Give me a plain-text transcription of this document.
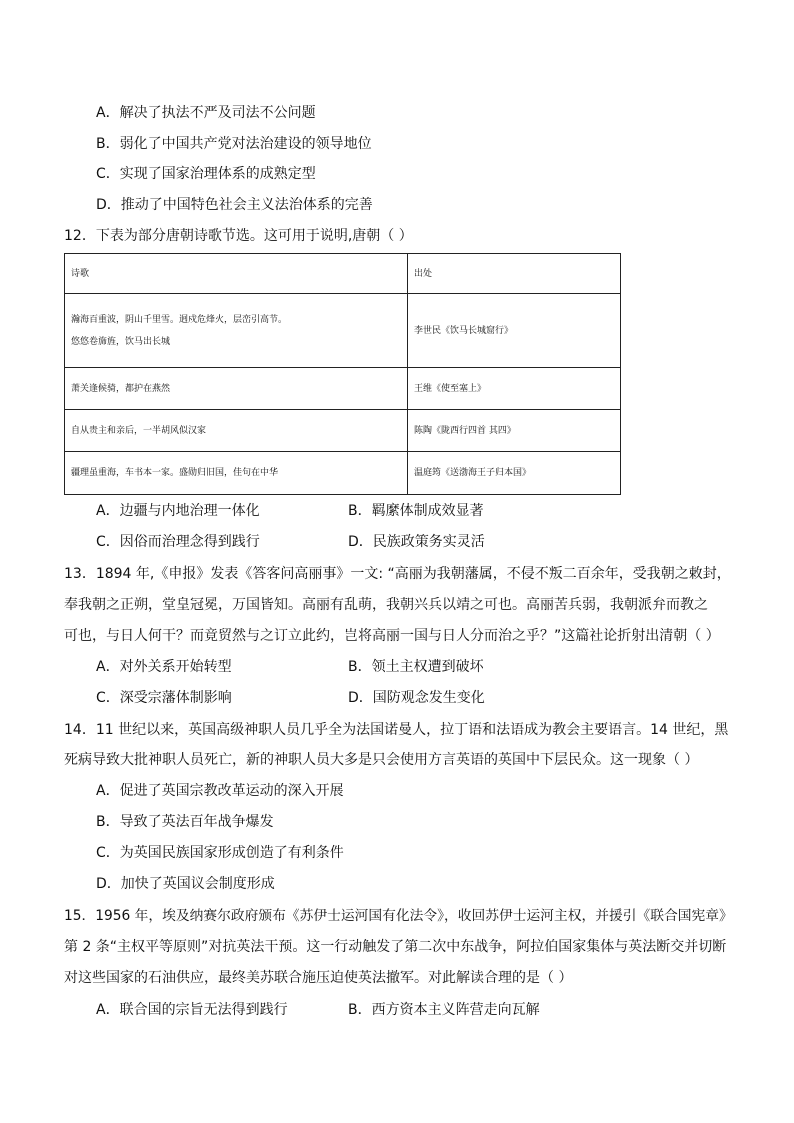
A．解决了执法不严及司法不公问题
B．弱化了中国共产党对法治建设的领导地位
C．实现了国家治理体系的成熟定型
D．推动了中国特色社会主义法治体系的完善
12．下表为部分唐朝诗歌节选。这可用于说明,唐朝（ ）
诗歌	出处

瀚海百重波，阴山千里雪。迥戍危烽火，层峦引高节。
悠悠卷旆旌，饮马出长城	李世民《饮马长城窟行》
萧关逢候骑，都护在燕然	王维《使至塞上》
自从贵主和亲后，一半胡风似汉家	陈陶《陇西行四首 其四》
疆理虽重海，车书本一家。盛勋归旧国，佳句在中华	温庭筠《送渤海王子归本国》
A．边疆与内地治理一体化	B．羁縻体制成效显著
C．因俗而治理念得到践行	D．民族政策务实灵活
13．1894 年,《申报》发表《答客问高丽事》一文: “高丽为我朝藩属，不侵不叛二百余年，受我朝之敕封，
奉我朝之正朔，堂皇冠冕，万国皆知。高丽有乱萌，我朝兴兵以靖之可也。高丽苦兵弱，我朝派弁而教之
可也，与日人何干？而竟贸然与之订立此约，岂将高丽一国与日人分而治之乎？”这篇社论折射出清朝（ ）
A．对外关系开始转型	B．领土主权遭到破坏
C．深受宗藩体制影响	D．国防观念发生变化
14．11 世纪以来，英国高级神职人员几乎全为法国诺曼人，拉丁语和法语成为教会主要语言。14 世纪，黑
死病导致大批神职人员死亡，新的神职人员大多是只会使用方言英语的英国中下层民众。这一现象（ ）
A．促进了英国宗教改革运动的深入开展
B．导致了英法百年战争爆发
C．为英国民族国家形成创造了有利条件
D．加快了英国议会制度形成
15．1956 年，埃及纳赛尔政府颁布《苏伊士运河国有化法令》，收回苏伊士运河主权，并援引《联合国宪章》
第 2 条“主权平等原则”对抗英法干预。这一行动触发了第二次中东战争，阿拉伯国家集体与英法断交并切断
对这些国家的石油供应，最终美苏联合施压迫使英法撤军。对此解读合理的是（ ）
A．联合国的宗旨无法得到践行	B．西方资本主义阵营走向瓦解
